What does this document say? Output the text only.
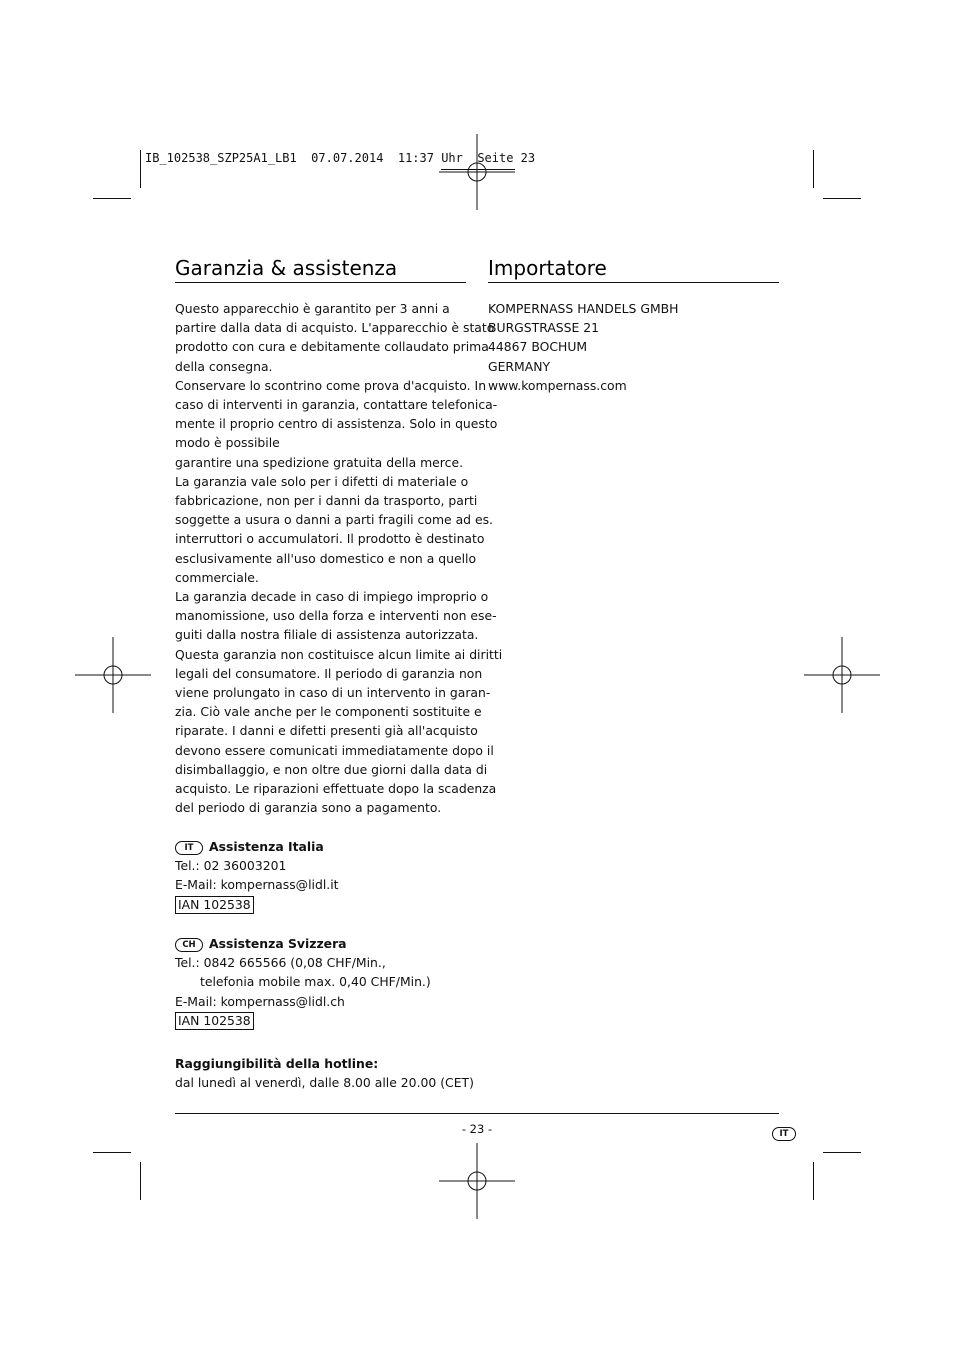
IB_102538_SZP25A1_LB1  07.07.2014  11:37 Uhr  Seite 23
Garanzia & assistenza

Questo apparecchio è garantito per 3 anni a

partire dalla data di acquisto. L'apparecchio è stato

prodotto con cura e debitamente collaudato prima

della consegna.

Conservare lo scontrino come prova d'acquisto. In

caso di interventi in garanzia, contattare telefonica-

mente il proprio centro di assistenza. Solo in questo

modo è possibile

garantire una spedizione gratuita della merce.

La garanzia vale solo per i difetti di materiale o

fabbricazione, non per i danni da trasporto, parti

soggette a usura o danni a parti fragili come ad es.

interruttori o accumulatori. Il prodotto è destinato

esclusivamente all'uso domestico e non a quello

commerciale.

La garanzia decade in caso di impiego improprio o

manomissione, uso della forza e interventi non ese-

guiti dalla nostra filiale di assistenza autorizzata.

Questa garanzia non costituisce alcun limite ai diritti

legali del consumatore. Il periodo di garanzia non

viene prolungato in caso di un intervento in garan-

zia. Ciò vale anche per le componenti sostituite e

riparate. I danni e difetti presenti già all'acquisto

devono essere comunicati immediatamente dopo il

disimballaggio, e non oltre due giorni dalla data di

acquisto. Le riparazioni effettuate dopo la scadenza

del periodo di garanzia sono a pagamento.

IT Assistenza Italia

Tel.: 02 36003201

E-Mail: kompernass@lidl.it

IAN 102538

CH Assistenza Svizzera

Tel.: 0842 665566 (0,08 CHF/Min.,

telefonia mobile max. 0,40 CHF/Min.)

E-Mail: kompernass@lidl.ch

IAN 102538

Raggiungibilità della hotline:

dal lunedì al venerdì, dalle 8.00 alle 20.00 (CET)

Importatore

KOMPERNASS HANDELS GMBH

BURGSTRASSE 21

44867 BOCHUM

GERMANY

www.kompernass.com

- 23 -	IT
